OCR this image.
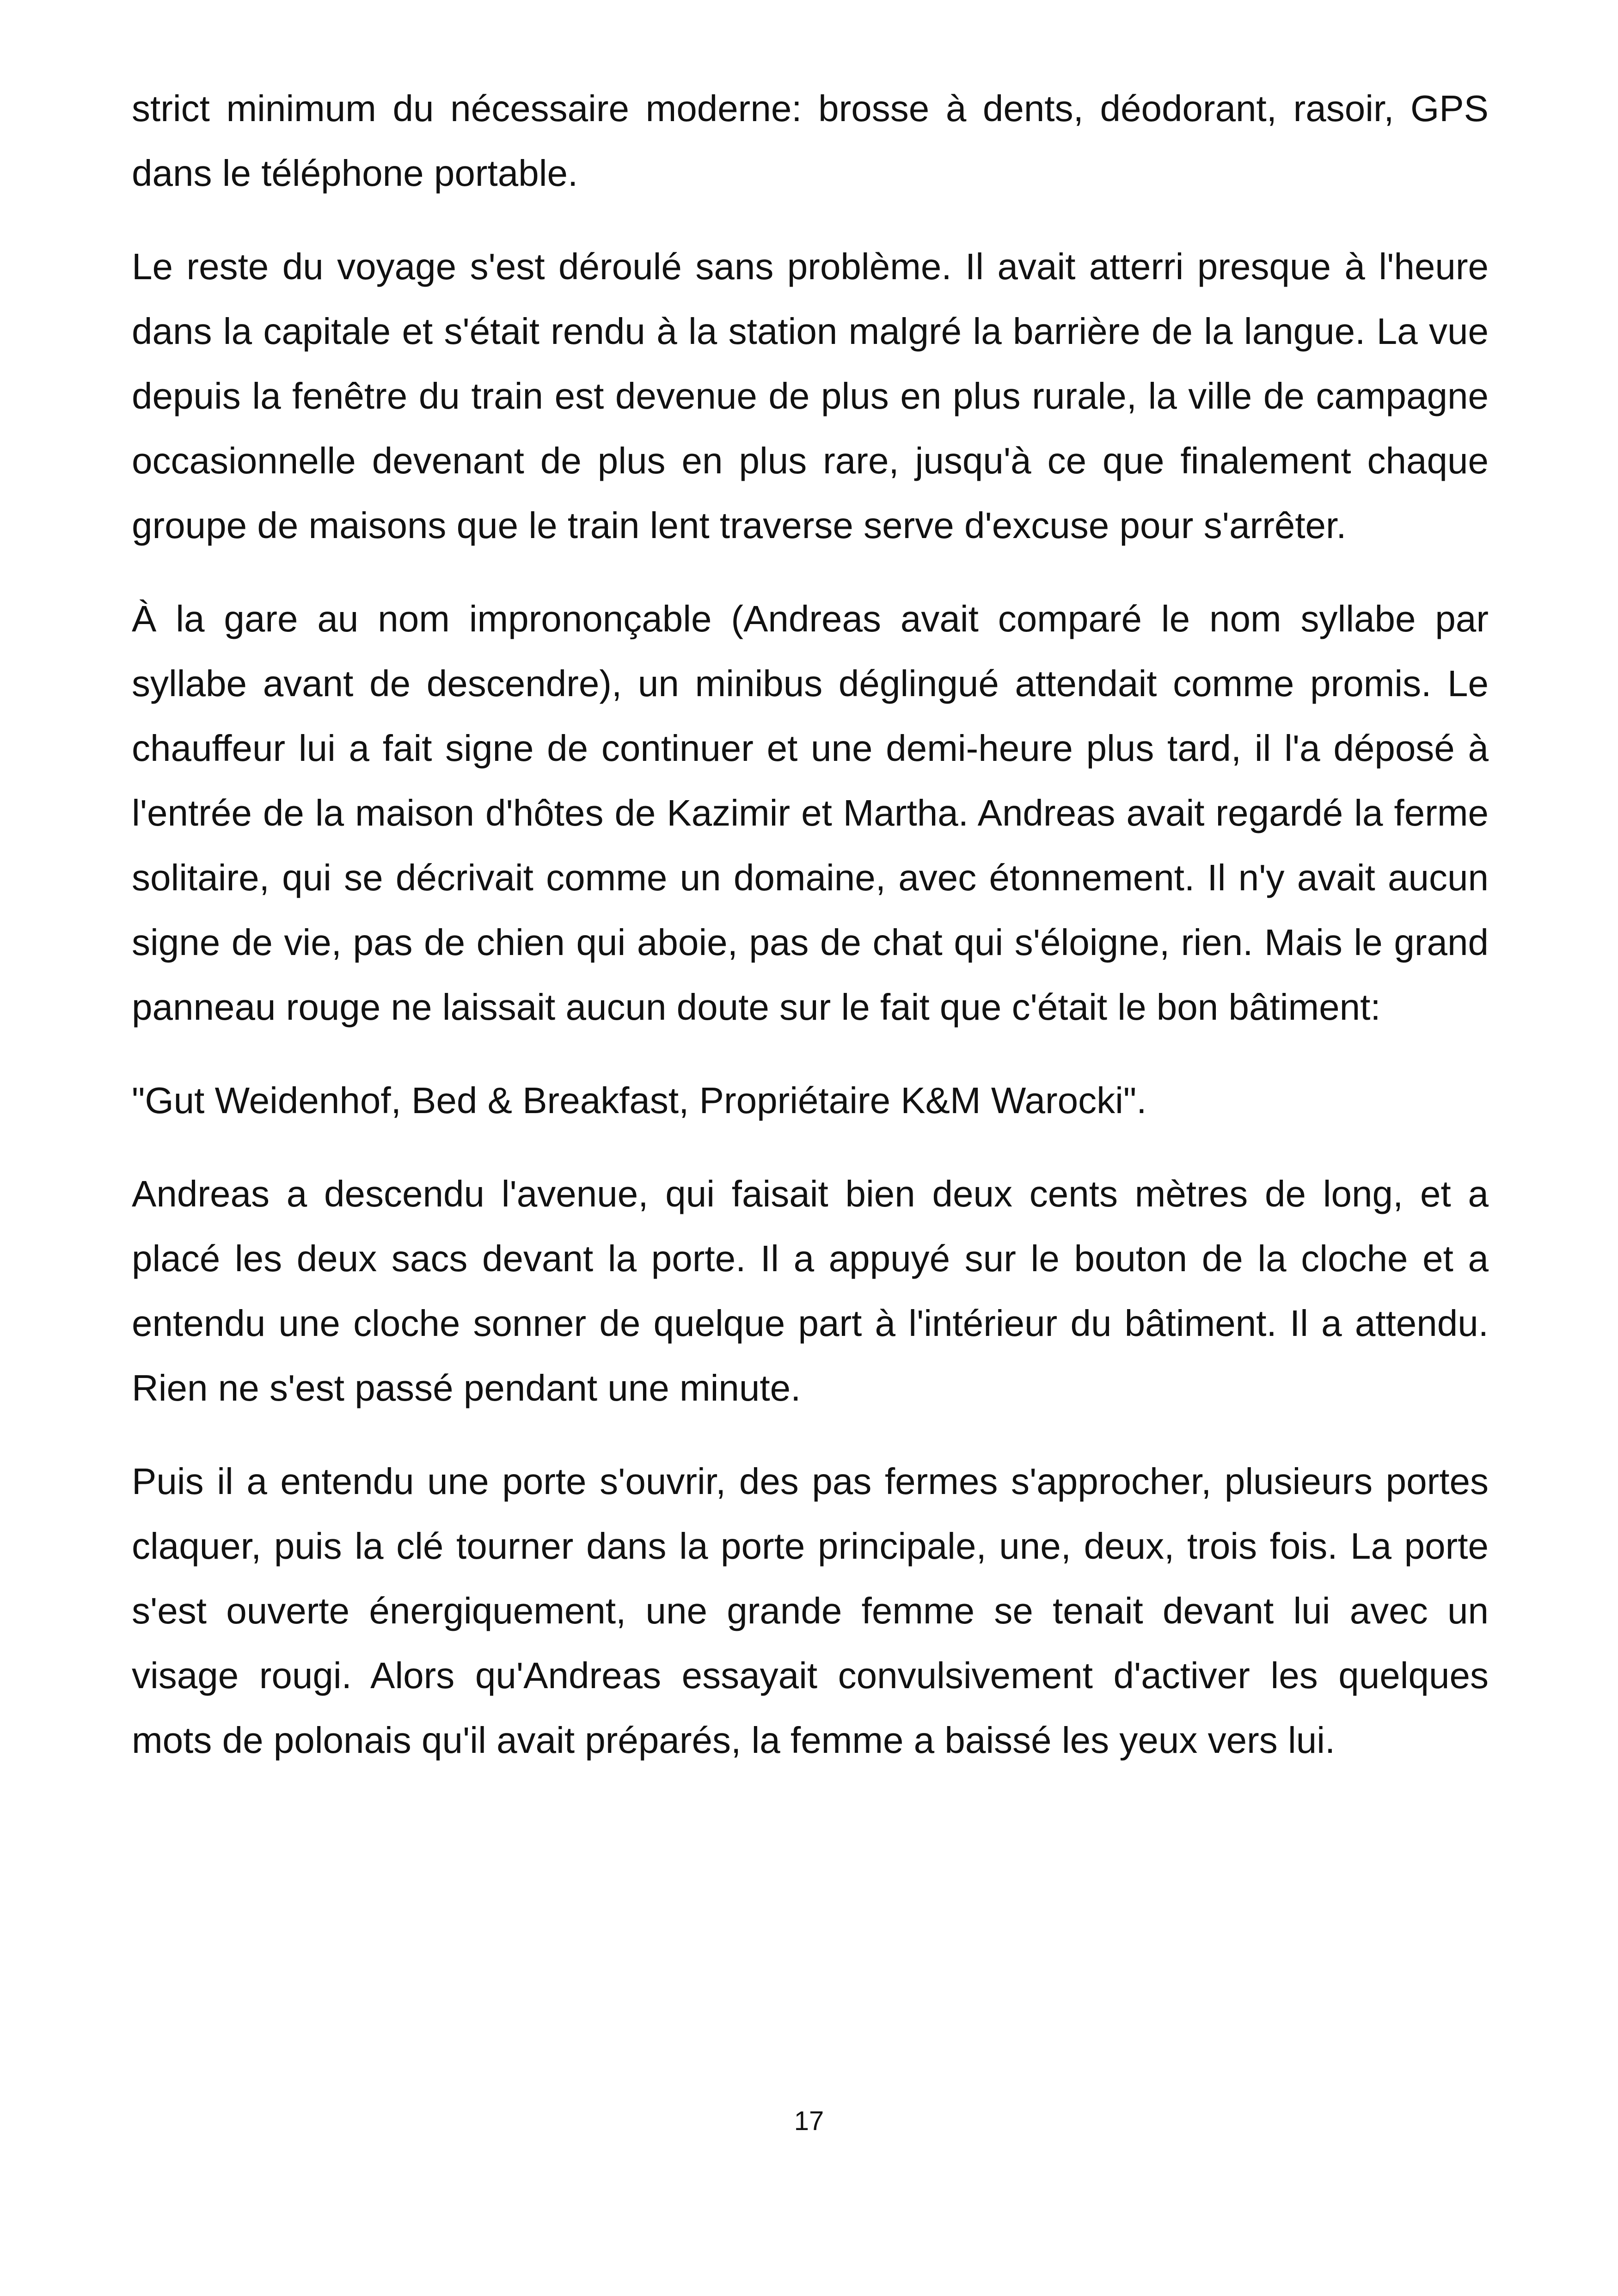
strict minimum du nécessaire moderne: brosse à dents, déodorant, rasoir, GPS dans le téléphone portable.

Le reste du voyage s'est déroulé sans problème. Il avait atterri presque à l'heure dans la capitale et s'était rendu à la station malgré la barrière de la langue. La vue depuis la fenêtre du train est devenue de plus en plus rurale, la ville de campagne occasionnelle devenant de plus en plus rare, jusqu'à ce que finalement chaque groupe de maisons que le train lent traverse serve d'excuse pour s'arrêter.

À la gare au nom imprononçable (Andreas avait comparé le nom syllabe par syllabe avant de descendre), un minibus déglingué attendait comme promis. Le chauffeur lui a fait signe de continuer et une demi-heure plus tard, il l'a déposé à l'entrée de la maison d'hôtes de Kazimir et Martha. Andreas avait regardé la ferme solitaire, qui se décrivait comme un domaine, avec étonnement. Il n'y avait aucun signe de vie, pas de chien qui aboie, pas de chat qui s'éloigne, rien. Mais le grand panneau rouge ne laissait aucun doute sur le fait que c'était le bon bâtiment:

"Gut Weidenhof, Bed & Breakfast, Propriétaire K&M Warocki".

Andreas a descendu l'avenue, qui faisait bien deux cents mètres de long, et a placé les deux sacs devant la porte. Il a appuyé sur le bouton de la cloche et a entendu une cloche sonner de quelque part à l'intérieur du bâtiment. Il a attendu. Rien ne s'est passé pendant une minute.

Puis il a entendu une porte s'ouvrir, des pas fermes s'approcher, plusieurs portes claquer, puis la clé tourner dans la porte principale, une, deux, trois fois. La porte s'est ouverte énergiquement, une grande femme se tenait devant lui avec un visage rougi. Alors qu'Andreas essayait convulsivement d'activer les quelques mots de polonais qu'il avait préparés, la femme a baissé les yeux vers lui.

17
